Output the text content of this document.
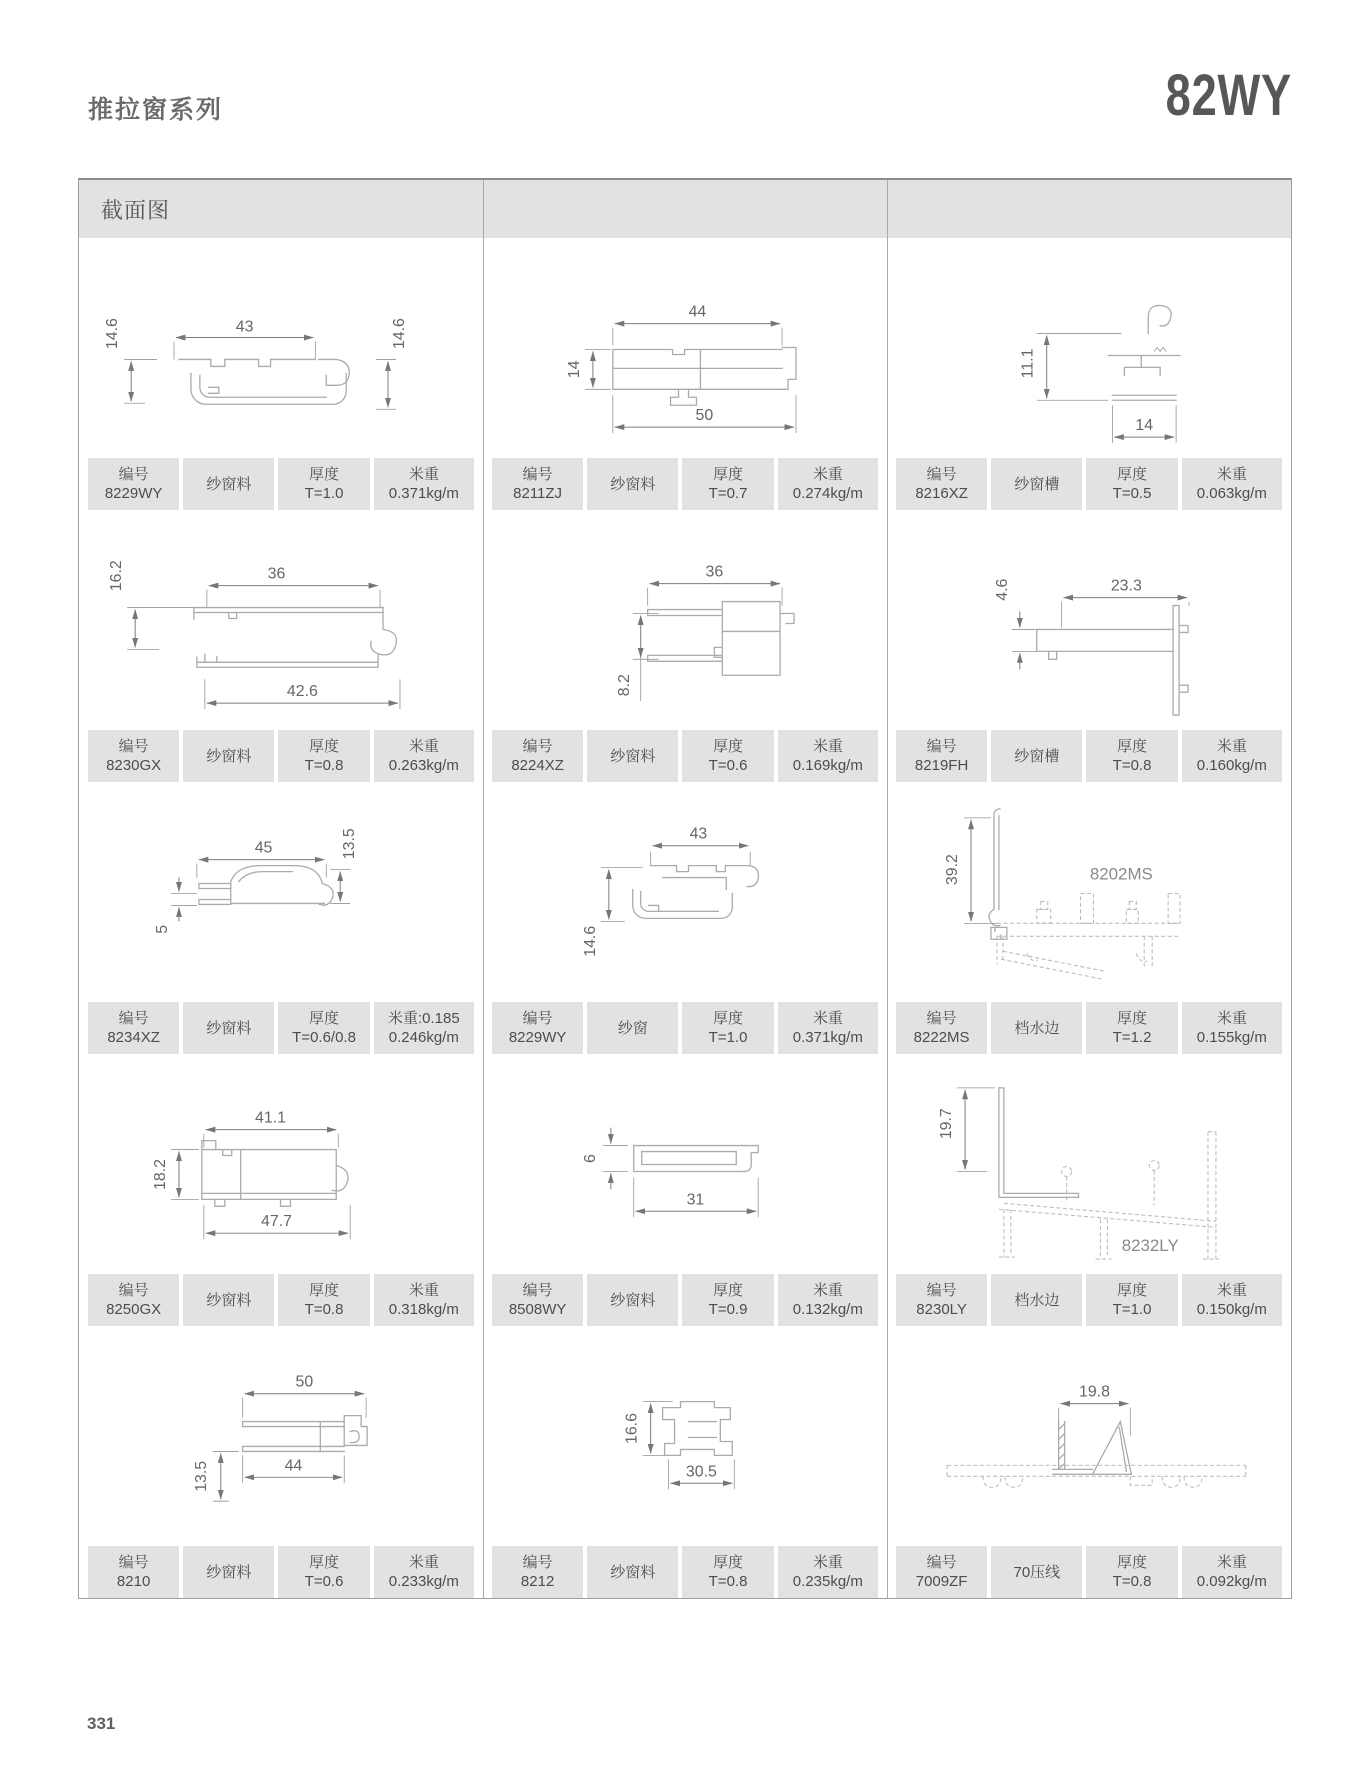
推拉窗系列	82WY
截面图
43
14.6	14.6
编号
8229WY
纱窗料
厚度
T=1.0
米重
0.371kg/m
44
14
50
编号
8211ZJ
纱窗料
厚度
T=0.7
米重
0.274kg/m
11.1
14
编号
8216XZ
纱窗槽
厚度
T=0.5
米重
0.063kg/m
36
16.2
42.6
编号
8230GX
纱窗料
厚度
T=0.8
米重
0.263kg/m
36
8.2
编号
8224XZ
纱窗料
厚度
T=0.6
米重
0.169kg/m
23.3
4.6
编号
8219FH
纱窗槽
厚度
T=0.8
米重
0.160kg/m
45	13.5
5
编号
8234XZ
纱窗料
厚度
T=0.6/0.8
米重:0.185
0.246kg/m
43
14.6
编号
8229WY
纱窗
厚度
T=1.0
米重
0.371kg/m
8202MS
39.2
编号
8222MS
档水边
厚度
T=1.2
米重
0.155kg/m
41.1
18.2
47.7
编号
8250GX
纱窗料
厚度
T=0.8
米重
0.318kg/m
6
31
编号
8508WY
纱窗料
厚度
T=0.9
米重
0.132kg/m
8232LY
19.7
编号
8230LY
档水边
厚度
T=1.0
米重
0.150kg/m
50
44
13.5
编号
8210
纱窗料
厚度
T=0.6
米重
0.233kg/m
16.6
30.5
编号
8212
纱窗料
厚度
T=0.8
米重
0.235kg/m
19.8
编号
7009ZF
70压线
厚度
T=0.8
米重
0.092kg/m
331
